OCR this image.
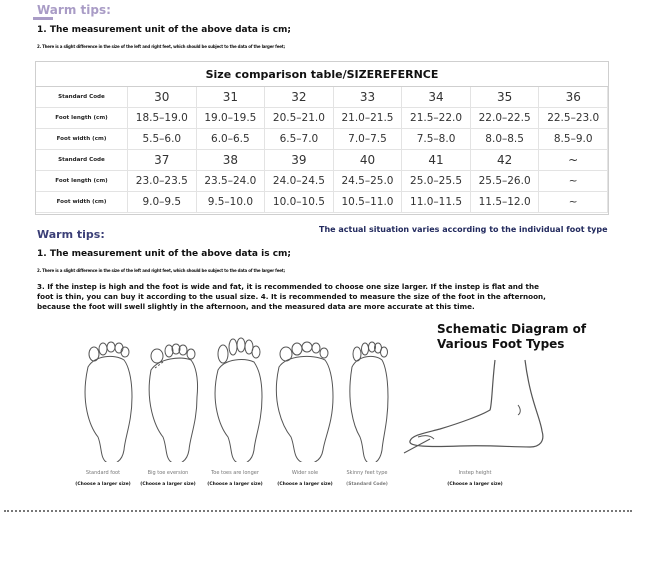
Warm tips:
1. The measurement unit of the above data is cm;
2. There is a slight difference in the size of the left and right feet, which should be subject to the data of the larger feet;
Size comparison table/SIZEREFERNCE
Standard Code	30	31	32	33	34	35	36
Foot length (cm)	18.5–19.0	19.0–19.5	20.5–21.0	21.0–21.5	21.5–22.0	22.0–22.5	22.5–23.0
Foot width (cm)	5.5–6.0	6.0–6.5	6.5–7.0	7.0–7.5	7.5–8.0	8.0–8.5	8.5–9.0
Standard Code	37	38	39	40	41	42	~
Foot length (cm)	23.0–23.5	23.5–24.0	24.0–24.5	24.5–25.0	25.0–25.5	25.5–26.0	~
Foot width (cm)	9.0–9.5	9.5–10.0	10.0–10.5	10.5–11.0	11.0–11.5	11.5–12.0	~
Warm tips:	The actual situation varies according to the individual foot type
1. The measurement unit of the above data is cm;
2. There is a slight difference in the size of the left and right feet, which should be subject to the data of the larger feet;
3. If the instep is high and the foot is wide and fat, it is recommended to choose one size larger. If the instep is flat and the foot is thin, you can buy it according to the usual size. 4. It is recommended to measure the size of the foot in the afternoon, because the foot will swell slightly in the afternoon, and the measured data are more accurate at this time.
Standard foot
(Choose a larger size)
Big toe eversion
(Choose a larger size)
Toe toes are longer
(Choose a larger size)
Wider sole
(Choose a larger size)
Skinny feet type
(Standard Code)
Schematic Diagram of Various Foot Types
Instep height
(Choose a larger size)
